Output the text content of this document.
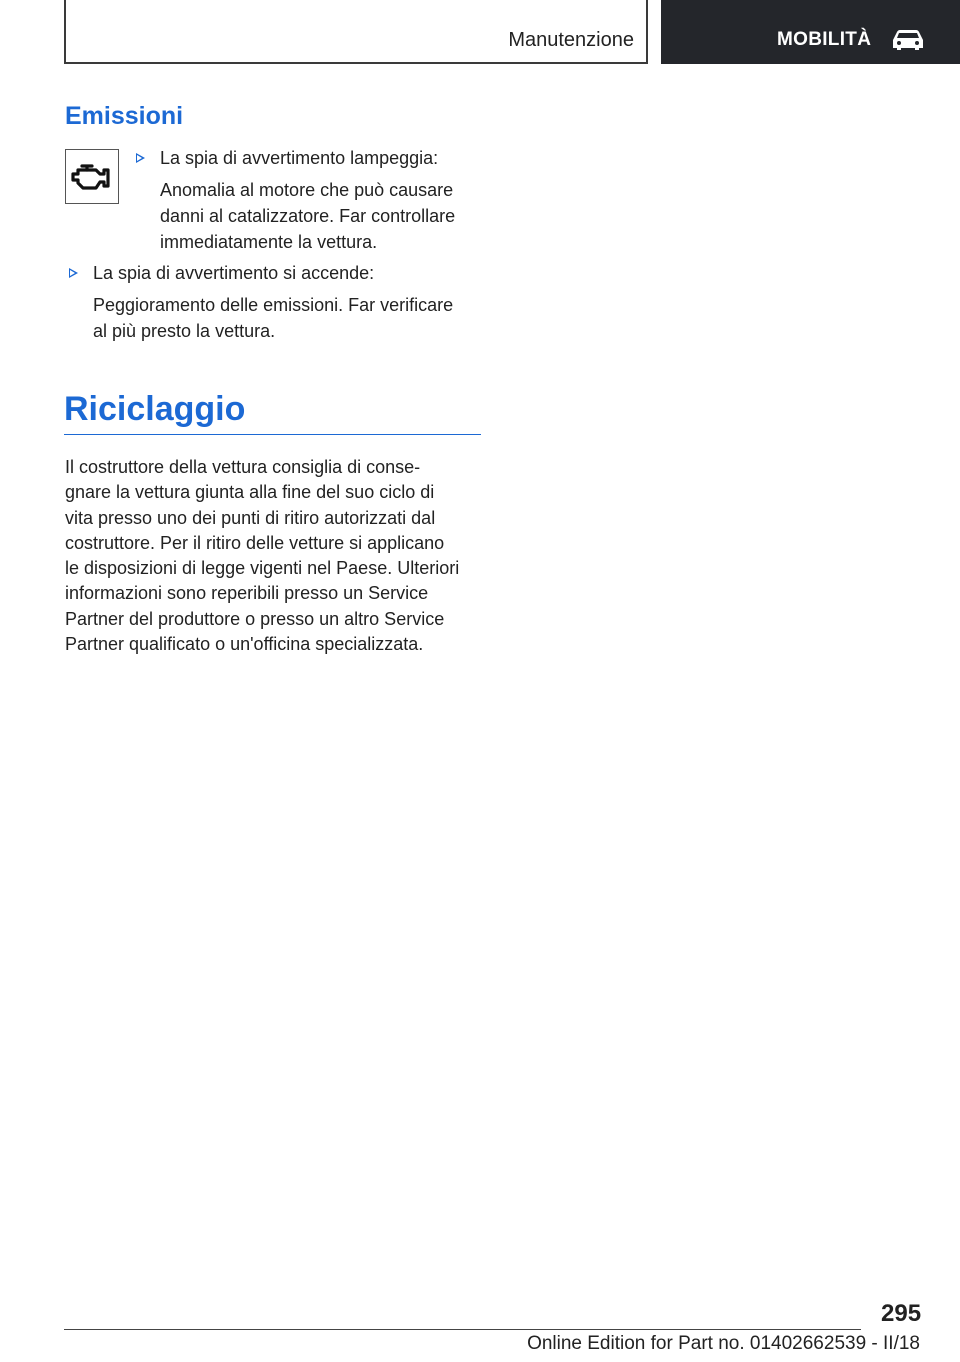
Manutenzione	MOBILITÀ
Emissioni
La spia di avvertimento lampeggia:
Anomalia al motore che può causare
danni al catalizzatore. Far controllare
immediatamente la vettura.
La spia di avvertimento si accende:
Peggioramento delle emissioni. Far verificare
al più presto la vettura.
Riciclaggio
Il costruttore della vettura consiglia di conse‐
gnare la vettura giunta alla fine del suo ciclo di
vita presso uno dei punti di ritiro autorizzati dal
costruttore. Per il ritiro delle vetture si applicano
le disposizioni di legge vigenti nel Paese. Ulteriori
informazioni sono reperibili presso un Service
Partner del produttore o presso un altro Service
Partner qualificato o un'officina specializzata.
295
Online Edition for Part no. 01402662539 - II/18
